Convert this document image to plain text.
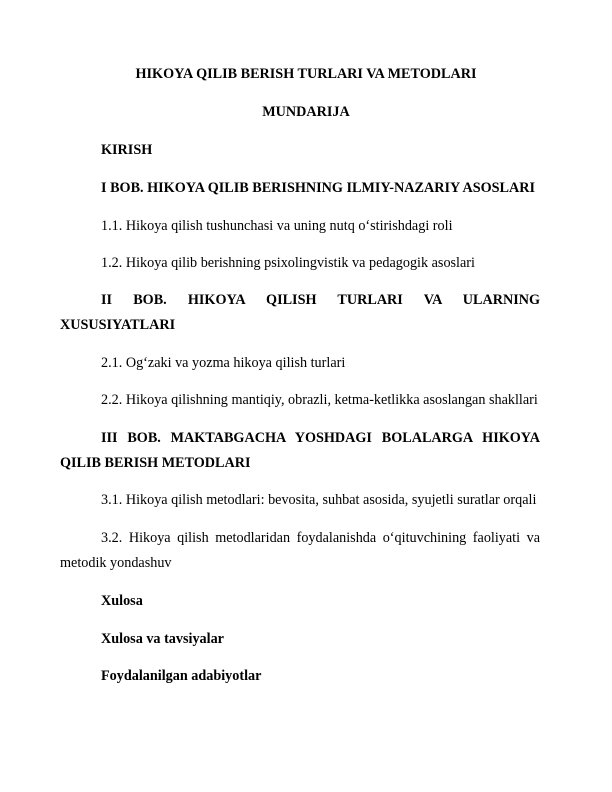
HIKOYA QILIB BERISH TURLARI VA METODLARI
MUNDARIJA
KIRISH
I BOB. HIKOYA QILIB BERISHNING ILMIY-NAZARIY ASOSLARI
1.1. Hikoya qilish tushunchasi va uning nutq o‘stirishdagi roli
1.2. Hikoya qilib berishning psixolingvistik va pedagogik asoslari
II BOB. HIKOYA QILISH TURLARI VA ULARNING
XUSUSIYATLARI
2.1. Og‘zaki va yozma hikoya qilish turlari
2.2. Hikoya qilishning mantiqiy, obrazli, ketma-ketlikka asoslangan shakllari
III BOB. MAKTABGACHA YOSHDAGI BOLALARGA HIKOYA
QILIB BERISH METODLARI
3.1. Hikoya qilish metodlari: bevosita, suhbat asosida, syujetli suratlar orqali
3.2. Hikoya qilish metodlaridan foydalanishda o‘qituvchining faoliyati va
metodik yondashuv
Xulosa
Xulosa va tavsiyalar
Foydalanilgan adabiyotlar
